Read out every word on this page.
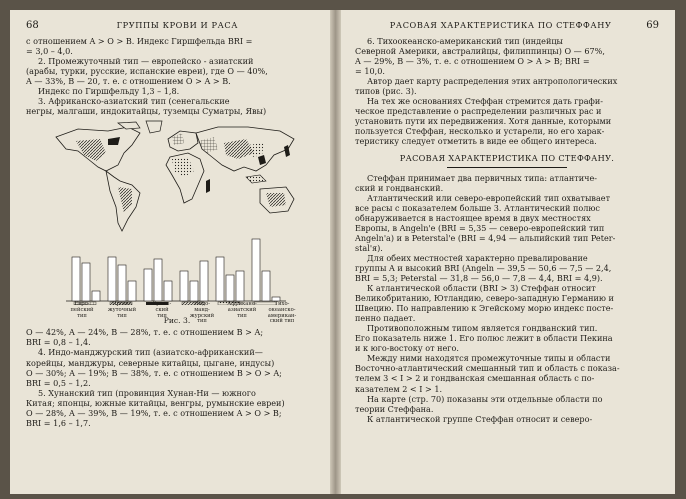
68	ГРУППЫ КРОВИ И РАСА

с отношением A > O > B. Индекс Гиршфельда BRI =

= 3,0 – 4,0.

2. Промежуточный тип — европейско - азиатский

(арабы, турки, русские, испанские евреи), где O — 40%,

A — 33%, B — 20, т. е. с отношением O > A > B.

Индекс по Гиршфельду 1,3 – 1,8.

3. Африканско-азиатский тип (сенегальские

негры, малгаши, индокитайцы, туземцы Суматры, Явы)

Евро-
пейский
тип
Проме-
жуточный
тип
Хунан-
ский
тип
Индо-
манд-
журский
тип
Африкано-
азиатский
тип
Тихо-
океанско-
американ-
ский тип
Рис. 3.

O — 42%, A — 24%, B — 28%, т. е. с отношением B > A;

BRI = 0,8 – 1,4.

4. Индо-манджурский тип (азиатско-африканский—

корейцы, манджуры, северные китайцы, цыгане, индусы)

O — 30%; A — 19%; B — 38%, т. е. с отношением B > O > A;

BRI = 0,5 – 1,2.

5. Хунанский тип (провинция Хунан-Ни — южного

Китая; японцы, южные китайцы, венгры, румынские евреи)

O — 28%, A — 39%, B — 19%, т. е. с отношением A > O > B;

BRI = 1,6 – 1,7.

РАСОВАЯ ХАРАКТЕРИСТИКА ПО СТЕФФАНУ	69

6. Тихоокеанско-американский тип (индейцы

Северной Америки, австралийцы, филиппинцы) O — 67%,

A — 29%, B — 3%, т. е. с отношением O > A > B; BRI =

= 10,0.

Автор дает карту распределения этих антропологических

типов (рис. 3).

На тех же основаниях Стеффан стремится дать графи-

ческое представление о распределении различных рас и

установить пути их передвижения. Хотя данные, которыми

пользуется Стеффан, несколько и устарели, но его харак-

теристику следует отметить в виде ее общего интереса.

РАСОВАЯ ХАРАКТЕРИСТИКА ПО СТЕФФАНУ.

Стеффан принимает два первичных типа: атлантиче-

ский и гондванский.

Атлантический или северо-европейский тип охватывает

все расы с показателем больше 3. Атлантический полюс

обнаруживается в настоящее время в двух местностях

Европы, в Angeln'е (BRI = 5,35 — северо-европейский тип

Angeln'а) и в Peterstal'е (BRI = 4,94 — альпийский тип Peter-

stal'я).

Для обеих местностей характерно превалирование

группы A и высокий BRI (Angeln — 39,5 — 50,6 — 7,5 — 2,4,

BRI = 5,3; Peterstal — 31,8 — 56,0 — 7,8 — 4,4, BRI = 4,9).

К атлантической области (BRI > 3) Стеффан относит

Великобританию, Ютландию, северо-западную Германию и

Швецию. По направлению к Эгейскому морю индекс посте-

пенно падает.

Противоположным типом является гондванский тип.

Его показатель ниже 1. Его полюс лежит в области Пекина

и к юго-востоку от него.

Между ними находятся промежуточные типы и области

Восточно-атлантический смешанный тип и область с показа-

телем 3 < I > 2 и гондванская смешанная область с по-

казателем 2 < I > 1.

На карте (стр. 70) показаны эти отдельные области по

теории Стеффана.

К атлантической группе Стеффан относит и северо-
